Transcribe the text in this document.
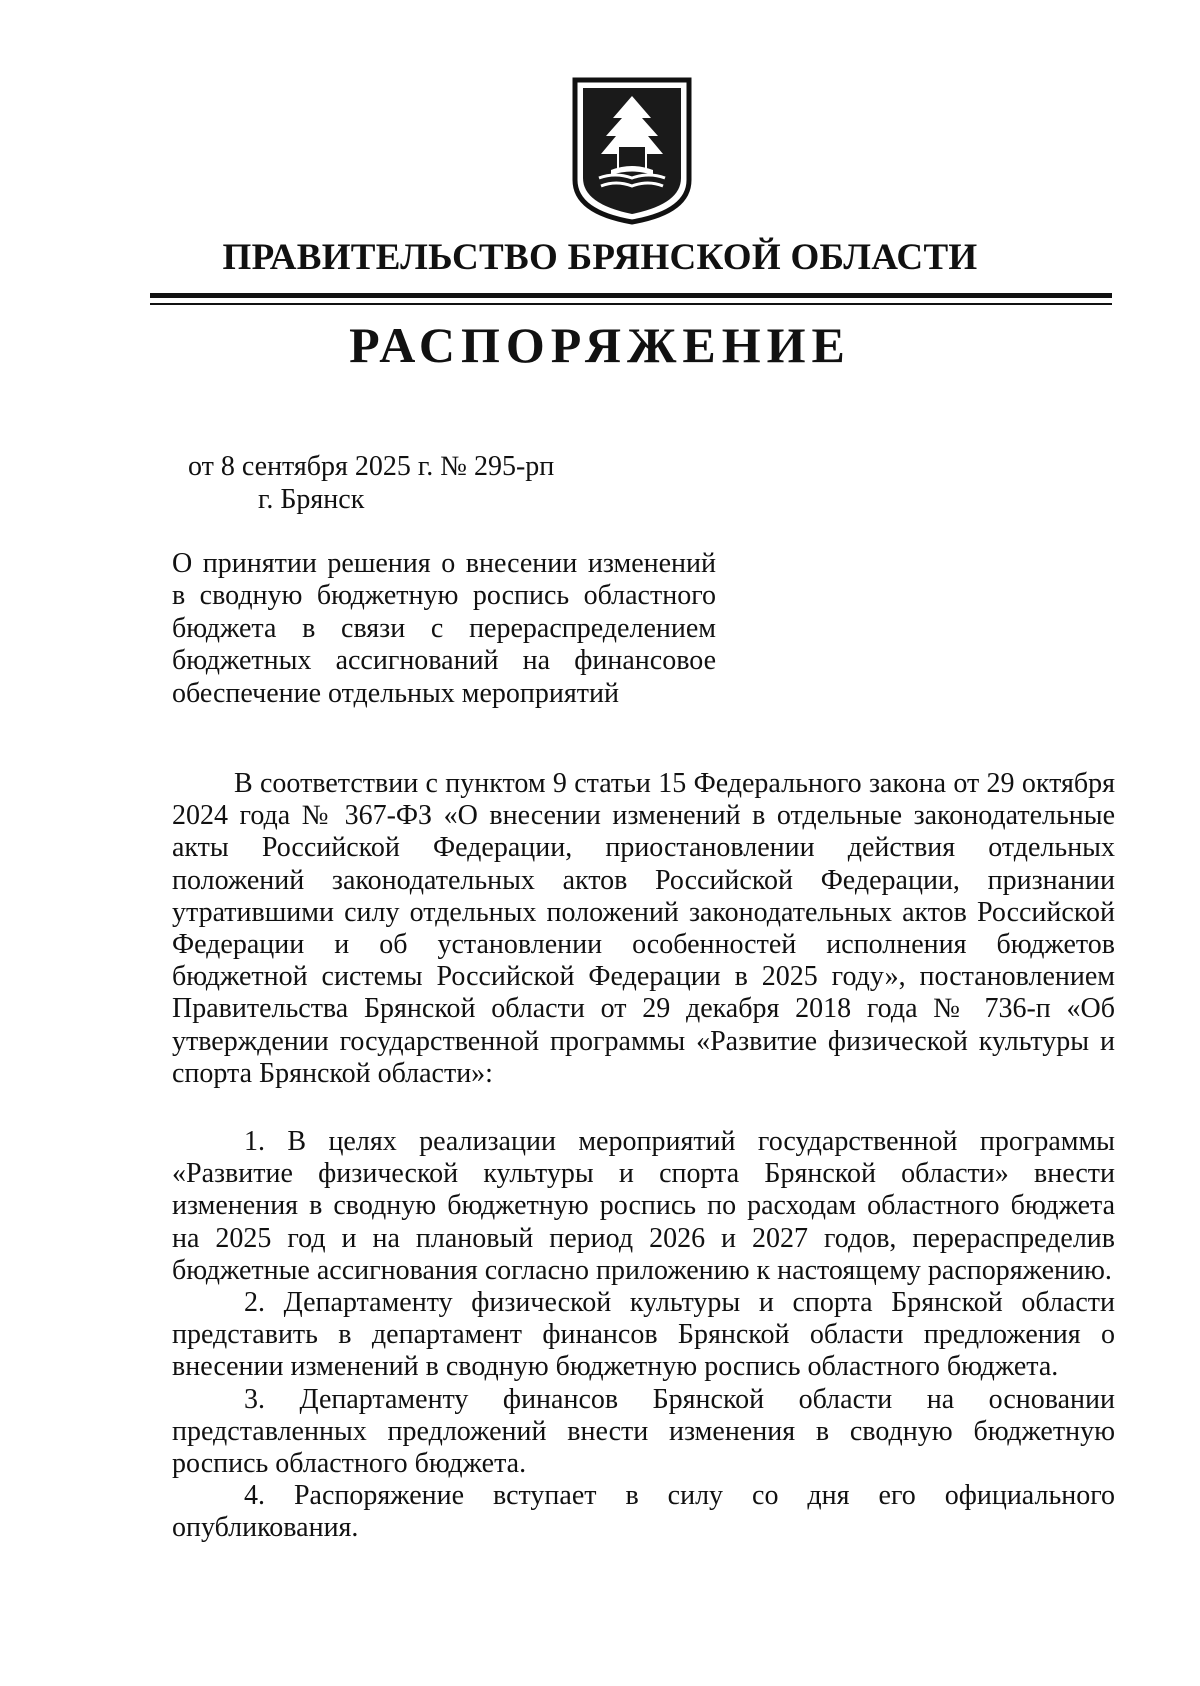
ПРАВИТЕЛЬСТВО БРЯНСКОЙ ОБЛАСТИ
РАСПОРЯЖЕНИЕ
от 8 сентября 2025 г. № 295-рп
г. Брянск
О принятии решения о внесении изменений в сводную бюджетную роспись областного бюджета в связи с перераспределением бюджетных ассигнований на финансовое обеспечение отдельных мероприятий

В соответствии с пунктом 9 статьи 15 Федерального закона от 29 октября 2024 года № 367-ФЗ «О внесении изменений в отдельные законодательные акты Российской Федерации, приостановлении действия отдельных положений законодательных актов Российской Федерации, признании утратившими силу отдельных положений законодательных актов Российской Федерации и об установлении особенностей исполнения бюджетов бюджетной системы Российской Федерации в 2025 году», постановлением Правительства Брянской области от 29 декабря 2018 года № 736-п «Об утверждении государственной программы «Развитие физической культуры и спорта Брянской области»:

1. В целях реализации мероприятий государственной программы «Развитие физической культуры и спорта Брянской области» внести изменения в сводную бюджетную роспись по расходам областного бюджета на 2025 год и на плановый период 2026 и 2027 годов, перераспределив бюджетные ассигнования согласно приложению к настоящему распоряжению.

2. Департаменту физической культуры и спорта Брянской области представить в департамент финансов Брянской области предложения о внесении изменений в сводную бюджетную роспись областного бюджета.

3. Департаменту финансов Брянской области на основании представленных предложений внести изменения в сводную бюджетную роспись областного бюджета.

4. Распоряжение вступает в силу со дня его официального опубликования.
